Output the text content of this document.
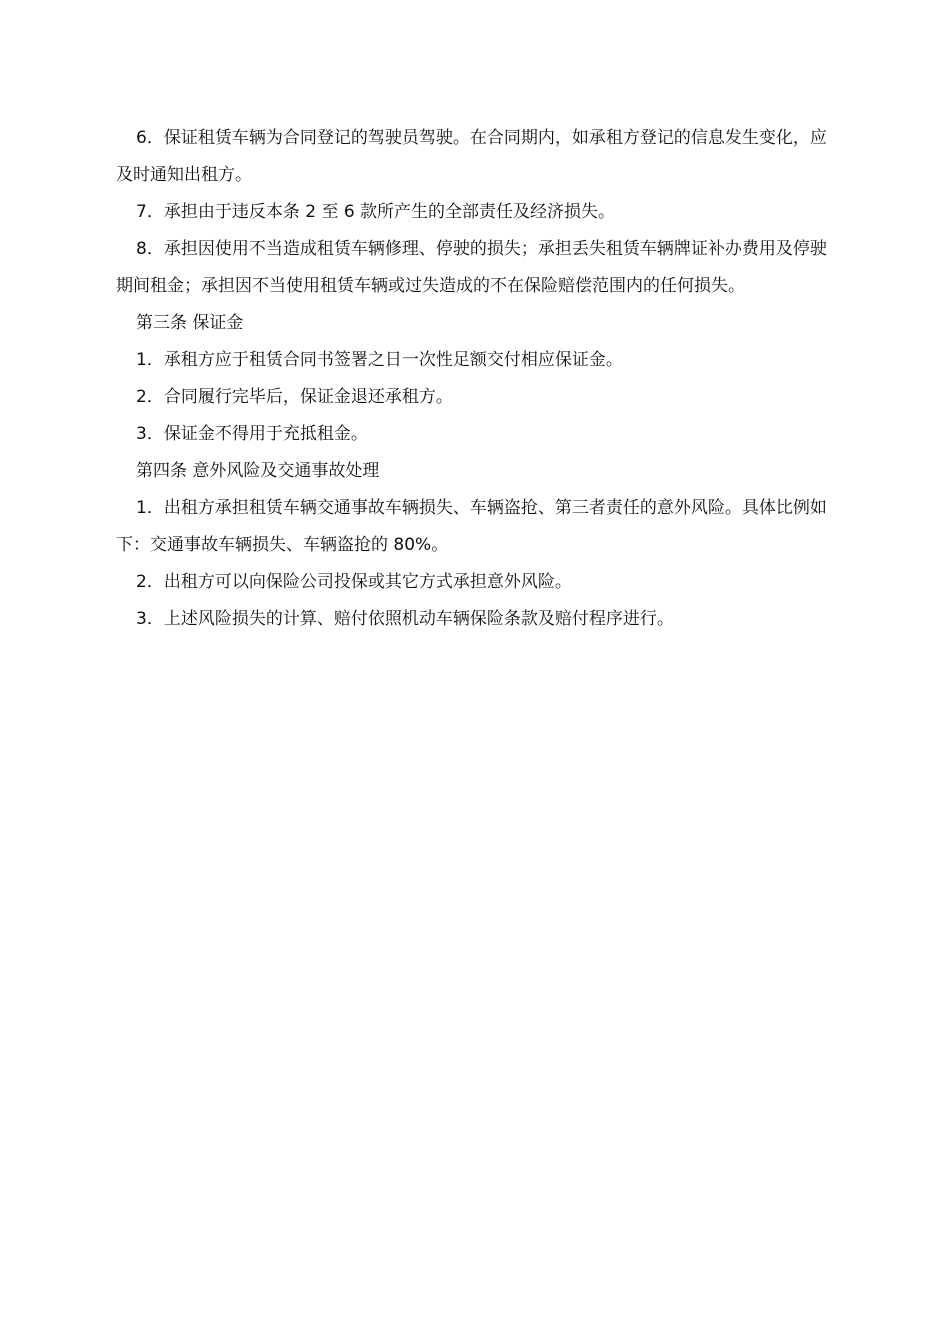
6．保证租赁车辆为合同登记的驾驶员驾驶。在合同期内，如承租方登记的信息发生变化，应及时通知出租方。

7．承担由于违反本条 2 至 6 款所产生的全部责任及经济损失。

8．承担因使用不当造成租赁车辆修理、停驶的损失；承担丢失租赁车辆牌证补办费用及停驶期间租金；承担因不当使用租赁车辆或过失造成的不在保险赔偿范围内的任何损失。

第三条 保证金

1．承租方应于租赁合同书签署之日一次性足额交付相应保证金。

2．合同履行完毕后，保证金退还承租方。

3．保证金不得用于充抵租金。

第四条 意外风险及交通事故处理

1．出租方承担租赁车辆交通事故车辆损失、车辆盗抢、第三者责任的意外风险。具体比例如下：交通事故车辆损失、车辆盗抢的 80%。

2．出租方可以向保险公司投保或其它方式承担意外风险。

3．上述风险损失的计算、赔付依照机动车辆保险条款及赔付程序进行。
